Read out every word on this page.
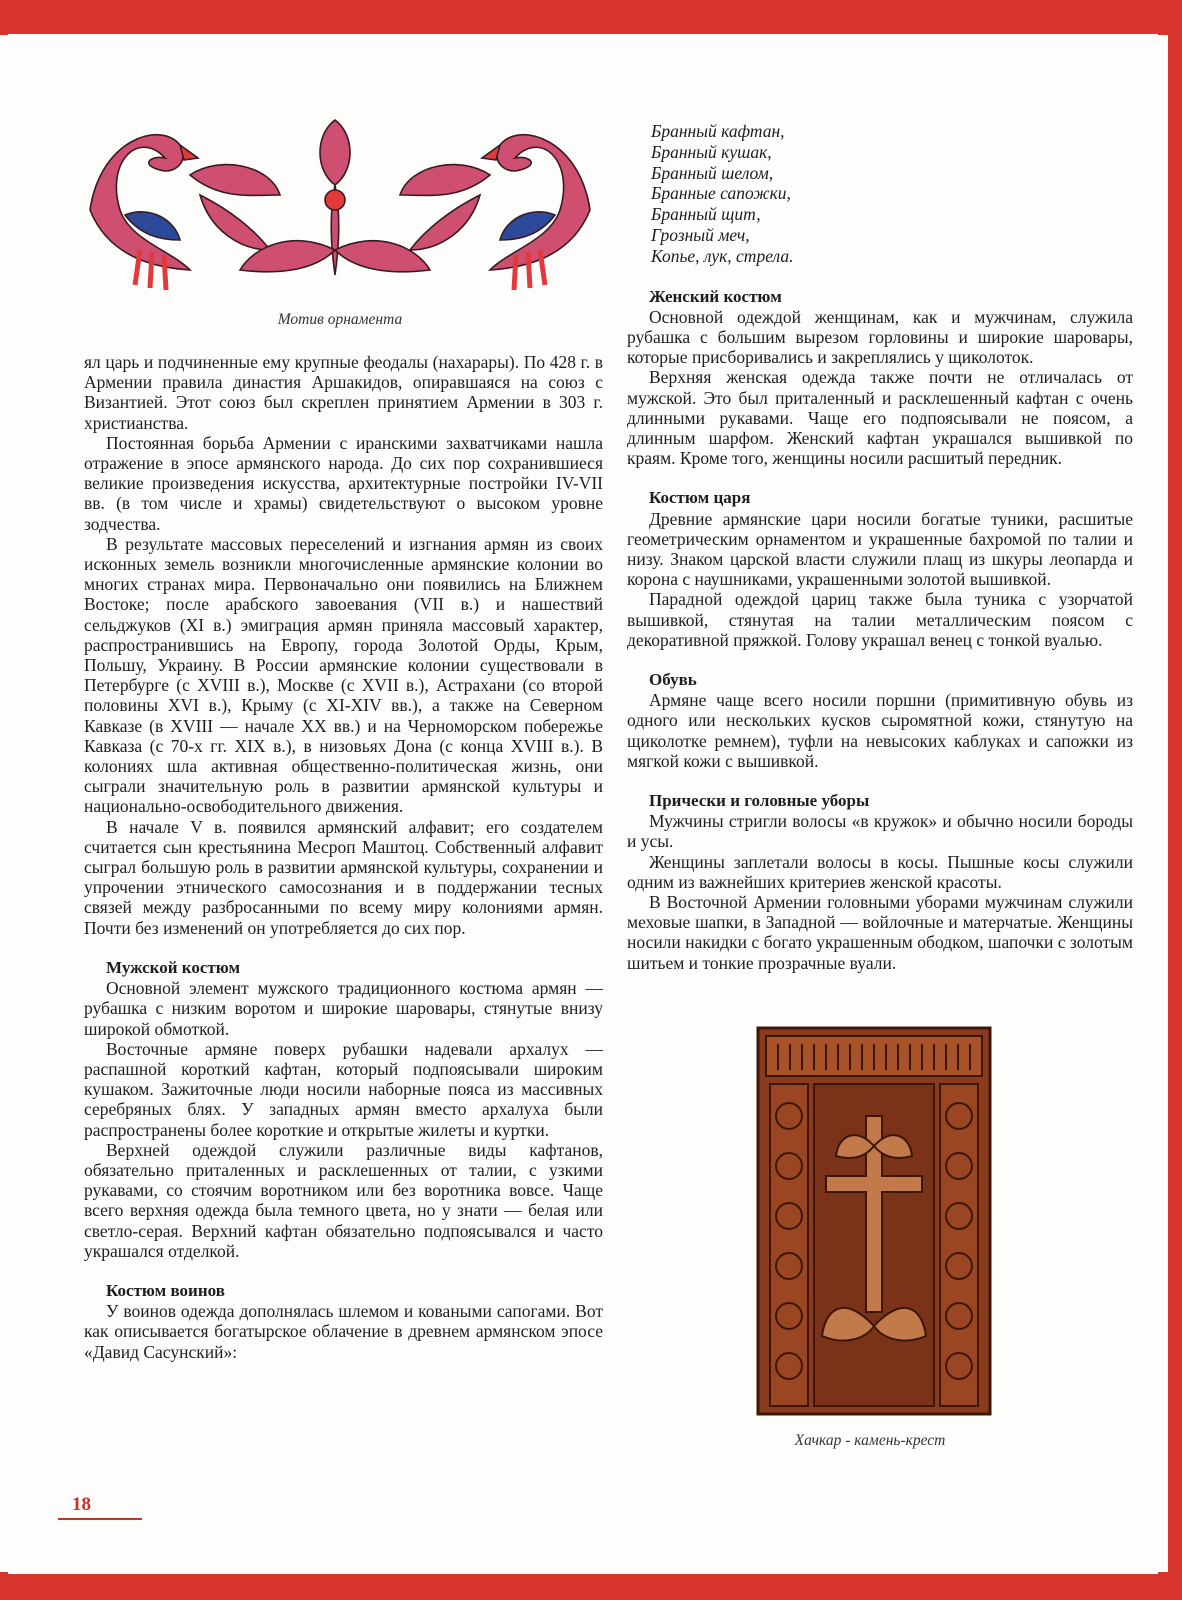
Мотив орнамента

ял царь и подчиненные ему крупные феодалы (нахарары). По 428 г. в Армении правила династия Аршакидов, опиравшаяся на союз с Византией. Этот союз был скреплен принятием Армении в 303 г. христианства.

Постоянная борьба Армении с иранскими захватчиками нашла отражение в эпосе армянского народа. До сих пор сохранившиеся великие произведения искусства, архитектурные постройки IV-VII вв. (в том числе и храмы) свидетельствуют о высоком уровне зодчества.

В результате массовых переселений и изгнания армян из своих исконных земель возникли многочисленные армянские колонии во многих странах мира. Первоначально они появились на Ближнем Востоке; после арабского завоевания (VII в.) и нашествий сельджуков (XI в.) эмиграция армян приняла массовый характер, распространившись на Европу, города Золотой Орды, Крым, Польшу, Украину. В России армянские колонии существовали в Петербурге (с XVIII в.), Москве (с XVII в.), Астрахани (со второй половины XVI в.), Крыму (с XI-XIV вв.), а также на Северном Кавказе (в XVIII — начале XX вв.) и на Черноморском побережье Кавказа (с 70-х гг. XIX в.), в низовьях Дона (с конца XVIII в.). В колониях шла активная общественно-политическая жизнь, они сыграли значительную роль в развитии армянской культуры и национально-освободительного движения.

В начале V в. появился армянский алфавит; его создателем считается сын крестьянина Месроп Маштоц. Собственный алфавит сыграл большую роль в развитии армянской культуры, сохранении и упрочении этнического самосознания и в поддержании тесных связей между разбросанными по всему миру колониями армян. Почти без изменений он употребляется до сих пор.

Мужской костюм

Основной элемент мужского традиционного костюма армян — рубашка с низким воротом и широкие шаровары, стянутые внизу широкой обмоткой.

Восточные армяне поверх рубашки надевали архалух — распашной короткий кафтан, который подпоясывали широким кушаком. Зажиточные люди носили наборные пояса из массивных серебряных блях. У западных армян вместо архалуха были распространены более короткие и открытые жилеты и куртки.

Верхней одеждой служили различные виды кафтанов, обязательно приталенных и расклешенных от талии, с узкими рукавами, со стоячим воротником или без воротника вовсе. Чаще всего верхняя одежда была темного цвета, но у знати — белая или светло-серая. Верхний кафтан обязательно подпоясывался и часто украшался отделкой.

Костюм воинов

У воинов одежда дополнялась шлемом и коваными сапогами. Вот как описывается богатырское облачение в древнем армянском эпосе «Давид Сасунский»:

Бранный кафтан,
Бранный кушак,
Бранный шелом,
Бранные сапожки,
Бранный щит,
Грозный меч,
Копье, лук, стрела.
Женский костюм

Основной одеждой женщинам, как и мужчинам, служила рубашка с большим вырезом горловины и широкие шаровары, которые присборивались и закреплялись у щиколоток.

Верхняя женская одежда также почти не отличалась от мужской. Это был приталенный и расклешенный кафтан с очень длинными рукавами. Чаще его подпоясывали не поясом, а длинным шарфом. Женский кафтан украшался вышивкой по краям. Кроме того, женщины носили расшитый передник.

Костюм царя

Древние армянские цари носили богатые туники, расшитые геометрическим орнаментом и украшенные бахромой по талии и низу. Знаком царской власти служили плащ из шкуры леопарда и корона с наушниками, украшенными золотой вышивкой.

Парадной одеждой цариц также была туника с узорчатой вышивкой, стянутая на талии металлическим поясом с декоративной пряжкой. Голову украшал венец с тонкой вуалью.

Обувь

Армяне чаще всего носили поршни (примитивную обувь из одного или нескольких кусков сыромятной кожи, стянутую на щиколотке ремнем), туфли на невысоких каблуках и сапожки из мягкой кожи с вышивкой.

Прически и головные уборы

Мужчины стригли волосы «в кружок» и обычно носили бороды и усы.

Женщины заплетали волосы в косы. Пышные косы служили одним из важнейших критериев женской красоты.

В Восточной Армении головными уборами мужчинам служили меховые шапки, в Западной — войлочные и матерчатые. Женщины носили накидки с богато украшенным ободком, шапочки с золотым шитьем и тонкие прозрачные вуали.

Хачкар - камень-крест
18
